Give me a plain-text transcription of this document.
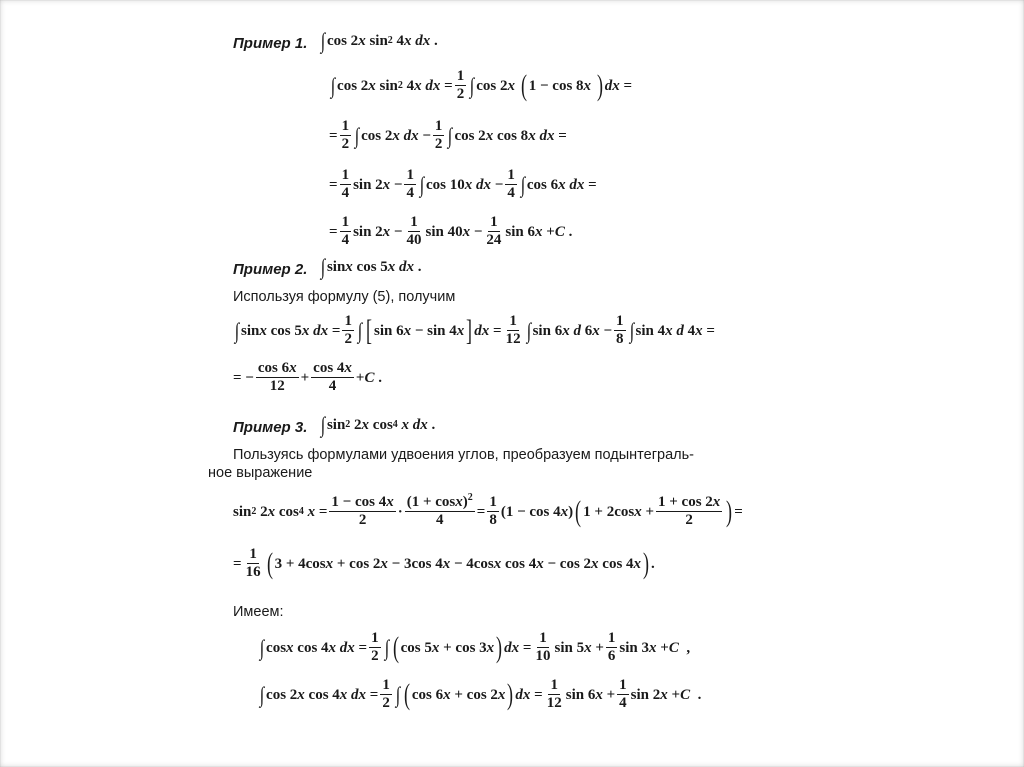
Пример 1. ∫ cos 2 x sin 2 4 x
dx .
∫ cos 2 x sin 2 4 x
dx =
1
2 ∫ cos 2 x
( 1 − cos 8 x
) dx =
=
1
2 ∫ cos 2 x
dx −
1
2 ∫ cos 2 x cos 8 x
dx =
=
1
4
sin 2 x −
1
4 ∫ cos 10 x
dx −
1
4 ∫ cos 6 x
dx =
=
1
4
sin 2 x −
1
40
sin 40 x −
1
24
sin 6 x + C .
Пример 2. ∫ sin x cos 5 x
dx .
Используя формулу (5), получим
∫ sin x cos 5 x
dx =
1
2 ∫ [ sin 6 x − sin 4 x ] dx =
1
12 ∫ sin 6 x
d 6 x −
1
8 ∫ sin 4 x
d 4 x =
= −
cos 6x
12
+
cos 4x
4
+ C .
Пример 3. ∫ sin 2 2 x cos 4
x
dx .
Пользуясь формулами удвоения углов, преобразуем подынтеграль-
ное выражение
sin 2 2 x cos 4
x =
1 − cos 4x
2
·
$(1 + \cos x)^2$
4
=
1
8
(1 − cos 4 x ) ( 1 + 2cos x +
1 + cos 2x
2 ) =
=
1
16 ( 3 + 4cos x + cos 2 x − 3cos 4 x − 4cos x cos 4 x − cos 2 x cos 4 x ) .
Имеем:
∫ cos x cos 4 x
dx =
1
2 ∫ ( cos 5 x + cos 3 x ) dx =
1
10
sin 5 x +
1
6
sin 3 x + C ,
∫ cos 2 x cos 4 x
dx =
1
2 ∫ ( cos 6 x + cos 2 x ) dx =
1
12
sin 6 x +
1
4
sin 2 x + C .
